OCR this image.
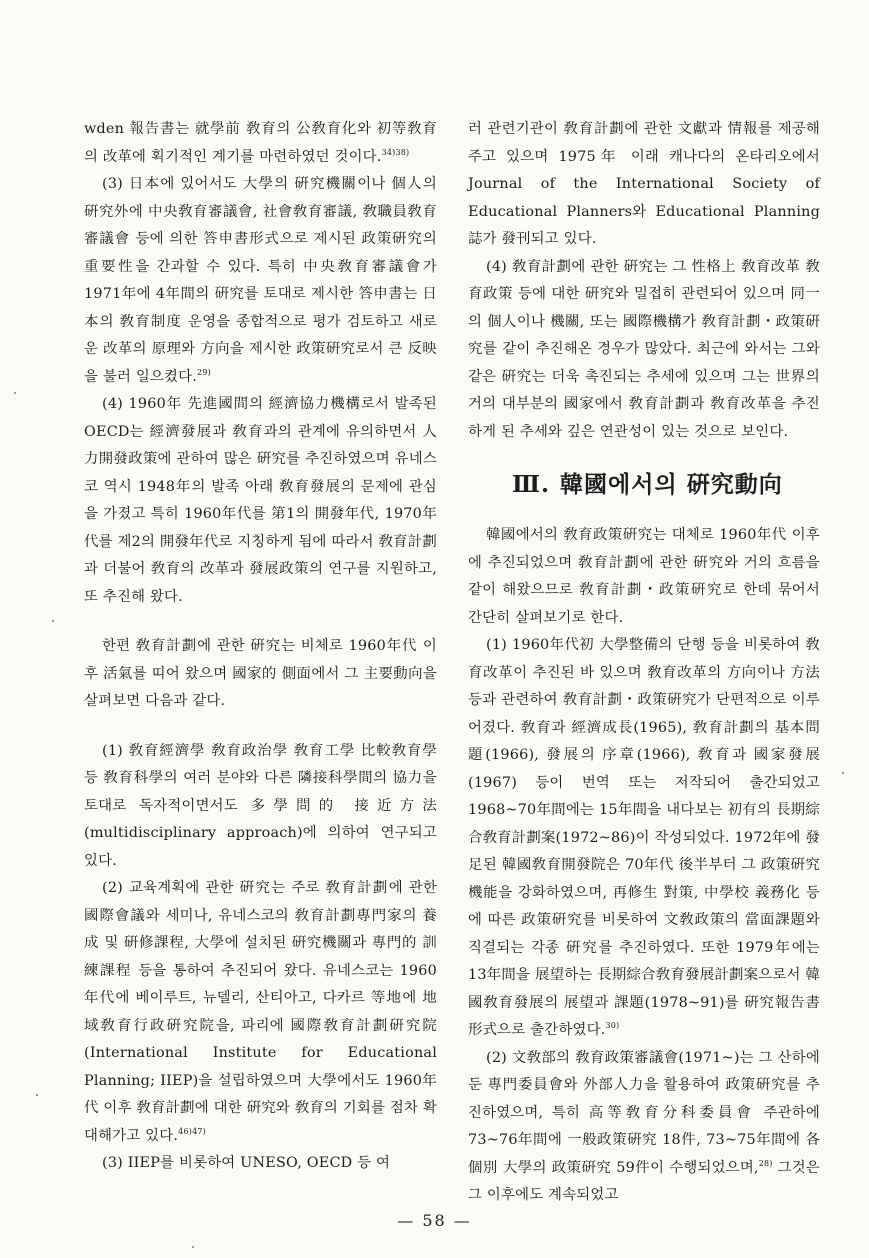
wden 報告書는 就學前 敎育의 公敎育化와 初等敎育의 改革에 획기적인 계기를 마련하였던 것이다.$^{34)38)}$

(3) 日本에 있어서도 大學의 硏究機關이나 個人의 硏究外에 中央敎育審議會, 社會敎育審議, 敎職員敎育審議會 등에 의한 答申書形式으로 제시된 政策硏究의 重要性을 간과할 수 있다. 특히 中央敎育審議會가 1971年에 4年間의 硏究를 토대로 제시한 答申書는 日本의 敎育制度 운영을 종합적으로 평가 검토하고 새로운 改革의 原理와 方向을 제시한 政策硏究로서 큰 反映을 불러 일으켰다.$^{29)}$

(4) 1960年 先進國間의 經濟協力機構로서 발족된 OECD는 經濟發展과 敎育과의 관계에 유의하면서 人力開發政策에 관하여 많은 硏究를 추진하였으며 유네스코 역시 1948年의 발족 아래 敎育發展의 문제에 관심을 가졌고 특히 1960年代를 第1의 開發年代, 1970年代를 제2의 開發年代로 지칭하게 됨에 따라서 敎育計劃과 더불어 敎育의 改革과 發展政策의 연구를 지원하고, 또 추진해 왔다.

한편 敎育計劃에 관한 硏究는 비체로 1960年代 이후 活氣를 띠어 왔으며 國家的 側面에서 그 主要動向을 살펴보면 다음과 같다.

(1) 敎育經濟學 敎育政治學 敎育工學 比較敎育學 등 敎育科學의 여러 분야와 다른 隣接科學間의 協力을 토대로 독자적이면서도 多學問的 接近方法(multidisciplinary approach)에 의하여 연구되고 있다.

(2) 교육계획에 관한 硏究는 주로 敎育計劃에 관한 國際會議와 세미나, 유네스코의 敎育計劃專門家의 養成 및 硏修課程, 大學에 설치된 硏究機關과 專門的 訓練課程 등을 통하여 추진되어 왔다. 유네스코는 1960年代에 베이루트, 뉴델리, 산티아고, 다카르 等地에 地域敎育行政硏究院을, 파리에 國際敎育計劃硏究院(International Institute for Educational Planning; IIEP)을 설립하였으며 大學에서도 1960年代 이후 敎育計劃에 대한 硏究와 敎育의 기회를 점차 확대해가고 있다.$^{46)47)}$

(3) IIEP를 비롯하여 UNESO, OECD 등 여

러 관련기관이 敎育計劃에 관한 文獻과 情報를 제공해 주고 있으며 1975年 이래 캐나다의 온타리오에서 Journal of the International Society of Educational Planners와 Educational Planning 誌가 發刊되고 있다.

(4) 敎育計劃에 관한 硏究는 그 性格上 敎育改革 敎育政策 등에 대한 硏究와 밀접히 관련되어 있으며 同一의 個人이나 機關, 또는 國際機構가 敎育計劃・政策硏究를 같이 추진해온 경우가 많았다. 최근에 와서는 그와 같은 硏究는 더욱 촉진되는 추세에 있으며 그는 世界의 거의 대부분의 國家에서 敎育計劃과 敎育改革을 추진하게 된 추세와 깊은 연관성이 있는 것으로 보인다.

Ⅲ. 韓國에서의 硏究動向

韓國에서의 敎育政策硏究는 대체로 1960年代 이후에 추진되었으며 敎育計劃에 관한 硏究와 거의 흐름을 같이 해왔으므로 敎育計劃・政策硏究로 한데 묶어서 간단히 살펴보기로 한다.

(1) 1960年代初 大學整備의 단행 등을 비롯하여 敎育改革이 추진된 바 있으며 敎育改革의 方向이나 方法 등과 관련하여 敎育計劃・政策硏究가 단편적으로 이루어졌다. 敎育과 經濟成長(1965), 敎育計劃의 基本問題(1966), 發展의 序章(1966), 敎育과 國家發展(1967) 등이 번역 또는 저작되어 출간되었고 1968~70年間에는 15年間을 내다보는 初有의 長期綜合敎育計劃案(1972~86)이 작성되었다. 1972年에 發足된 韓國敎育開發院은 70年代 後半부터 그 政策硏究機能을 강화하였으며, 再修生 對策, 中學校 義務化 등에 따른 政策硏究를 비롯하여 文敎政策의 當面課題와 직결되는 각종 硏究를 추진하였다. 또한 1979年에는 13年間을 展望하는 長期綜合敎育發展計劃案으로서 韓國敎育發展의 展望과 課題(1978~91)를 硏究報告書形式으로 출간하였다.$^{30)}$

(2) 文敎部의 敎育政策審議會(1971~)는 그 산하에 둔 專門委員會와 外部人力을 활용하여 政策硏究를 추진하였으며, 특히 高等敎育分科委員會 주관하에 73~76年間에 一般政策硏究 18件, 73~75年間에 各 個別 大學의 政策硏究 59件이 수행되었으며,$^{28)}$ 그것은 그 이후에도 계속되었고

— 58 —
